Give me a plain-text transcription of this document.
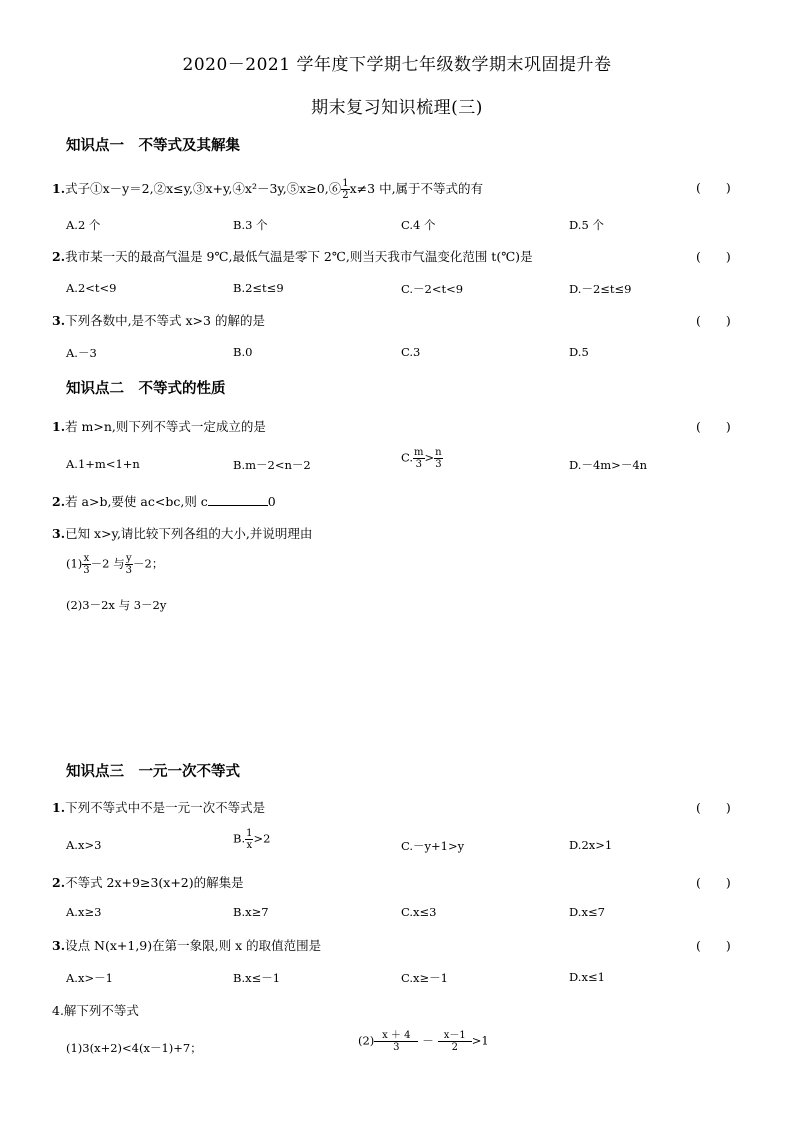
2020－2021 学年度下学期七年级数学期末巩固提升卷
期末复习知识梳理(三)
知识点一　不等式及其解集
1.式子①x－y＝2,②x≤y,③x+y,④x²－3y,⑤x≥0,⑥ $\frac{1}{2} x\ne 3$ 中,属于不等式的有	(　　)
A.2 个	B.3 个	C.4 个	D.5 个
2.我市某一天的最高气温是 9℃,最低气温是零下 2℃,则当天我市气温变化范围 t(℃)是	(　　)
A.2<t<9	B.2≤t≤9	C.－2<t<9	D.－2≤t≤9
3.下列各数中,是不等式 x>3 的解的是	(　　)
A.－3	B.0	C.3	D.5
知识点二　不等式的性质
1.若 m>n,则下列不等式一定成立的是	(　　)
A.1+m<1+n	B.m－2<n－2
C. $\frac{m}{3} > \frac{n}{3}$	D.－4m>－4n
2.若 a>b,要使 ac<bc,则 c	0
3.已知 x>y,请比较下列各组的大小,并说明理由
$(1) \frac{x}{3} -2$ 与 $\frac{y}{3} -2$；
(2)3－2x 与 3－2y
知识点三　一元一次不等式
1.下列不等式中不是一元一次不等式是	(　　)
A.x>3	B. $\frac{1}{x} >2$
C.－y+1>y	D.2x>1
2.不等式 2x+9≥3(x+2)的解集是	(　　)
A.x≥3	B.x≥7	C.x≤3	D.x≤7
3.设点 N(x+1,9)在第一象限,则 x 的取值范围是	(　　)
A.x>－1	B.x≤－1	C.x≥－1	D.x≤1
4.解下列不等式
(1)3(x+2)<4(x－1)+7；
$(2) \frac{x + 4}{3} - \frac{x-1}{2} >1$
